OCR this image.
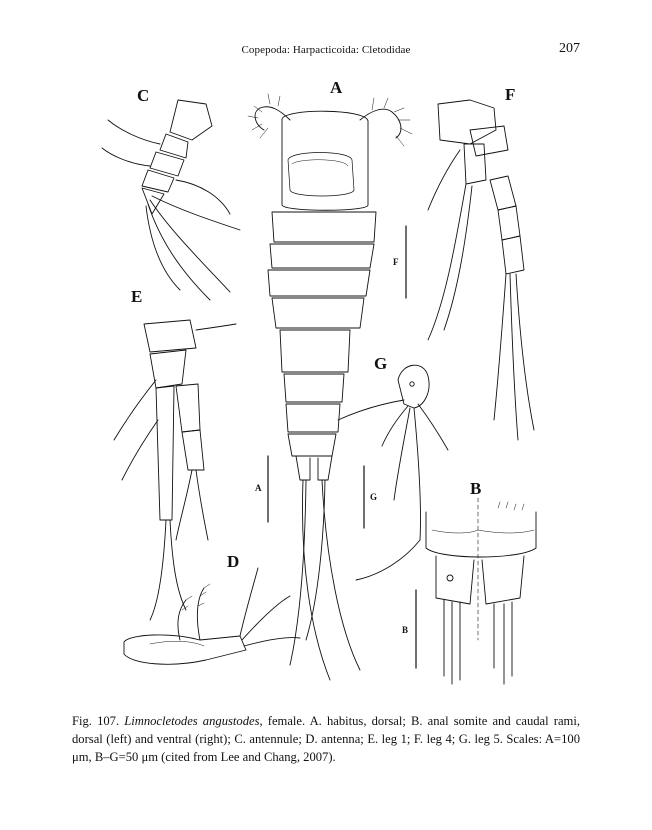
Copepoda: Harpacticoida: Cletodidae	207
A
B
C
D
E
F
G
F
A
G
B
Fig. 107. Limnocletodes angustodes, female. A. habitus, dorsal; B. anal somite and caudal rami, dorsal (left) and ventral (right); C. antennule; D. antenna; E. leg 1; F. leg 4; G. leg 5. Scales: A=100 μm, B–G=50 μm (cited from Lee and Chang, 2007).
